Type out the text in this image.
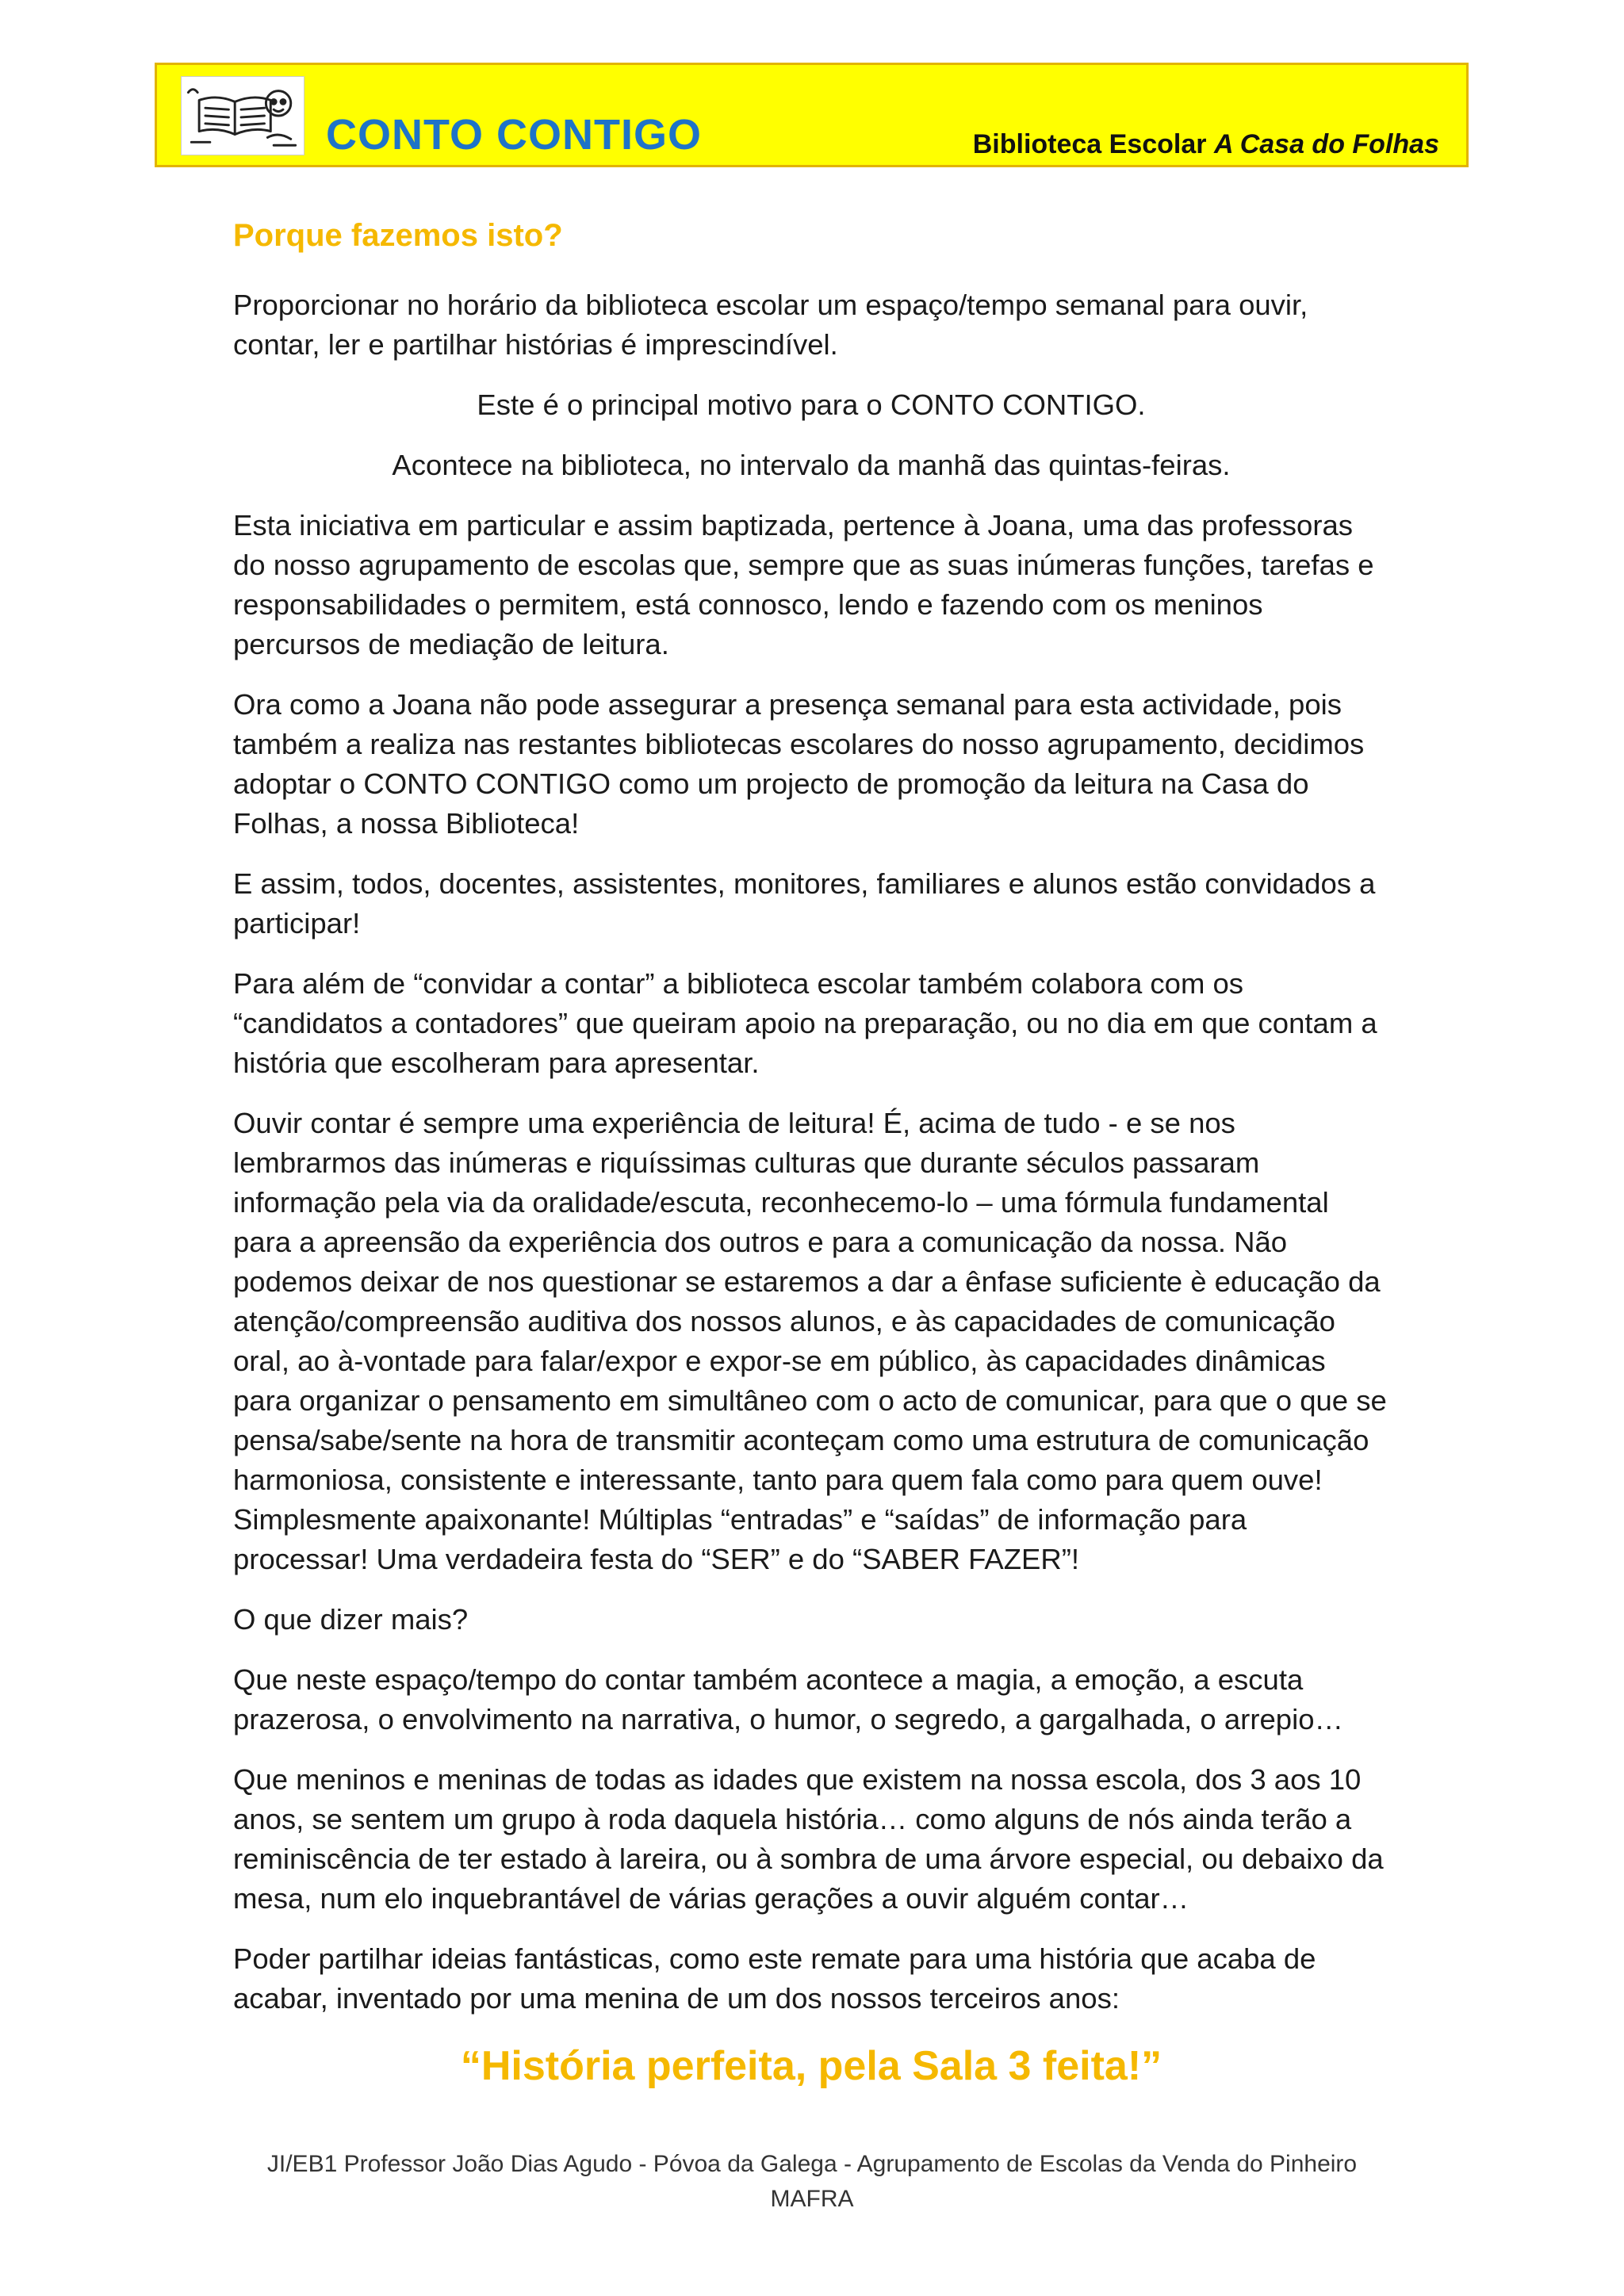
CONTO CONTIGO	Biblioteca Escolar A Casa do Folhas
Porque fazemos isto?

Proporcionar no horário da biblioteca escolar um espaço/tempo semanal para ouvir, contar, ler e partilhar histórias é imprescindível.

Este é o principal motivo para o CONTO CONTIGO.

Acontece na biblioteca, no intervalo da manhã das quintas-feiras.

Esta iniciativa em particular e assim baptizada, pertence à Joana, uma das professoras do nosso agrupamento de escolas que, sempre que as suas inúmeras funções, tarefas e responsabilidades o permitem, está connosco, lendo e fazendo com os meninos percursos de mediação de leitura.

Ora como a Joana não pode assegurar a presença semanal para esta actividade, pois também a realiza nas restantes bibliotecas escolares do nosso agrupamento, decidimos adoptar o CONTO CONTIGO como um projecto de promoção da leitura na Casa do Folhas, a nossa Biblioteca!

E assim, todos, docentes, assistentes, monitores, familiares e alunos estão convidados a participar!

Para além de “convidar a contar” a biblioteca escolar também colabora com os “candidatos a contadores” que queiram apoio na preparação, ou no dia em que contam a história que escolheram para apresentar.

Ouvir contar é sempre uma experiência de leitura! É, acima de tudo - e se nos lembrarmos das inúmeras e riquíssimas culturas que durante séculos passaram informação pela via da oralidade/escuta, reconhecemo-lo – uma fórmula fundamental para a apreensão da experiência dos outros e para a comunicação da nossa. Não podemos deixar de nos questionar se estaremos a dar a ênfase suficiente è educação da atenção/compreensão auditiva dos nossos alunos, e às capacidades de comunicação oral, ao à-vontade para falar/expor e expor-se em público, às capacidades dinâmicas para organizar o pensamento em simultâneo com o acto de comunicar, para que o que se pensa/sabe/sente na hora de transmitir aconteçam como uma estrutura de comunicação harmoniosa, consistente e interessante, tanto para quem fala como para quem ouve! Simplesmente apaixonante! Múltiplas “entradas” e “saídas” de informação para processar! Uma verdadeira festa do “SER” e do “SABER FAZER”!

O que dizer mais?

Que neste espaço/tempo do contar também acontece a magia, a emoção, a escuta prazerosa, o envolvimento na narrativa, o humor, o segredo, a gargalhada, o arrepio…

Que meninos e meninas de todas as idades que existem na nossa escola, dos 3 aos 10 anos, se sentem um grupo à roda daquela história… como alguns de nós ainda terão a reminiscência de ter estado à lareira, ou à sombra de uma árvore especial, ou debaixo da mesa, num elo inquebrantável de várias gerações a ouvir alguém contar…

Poder partilhar ideias fantásticas, como este remate para uma história que acaba de acabar, inventado por uma menina de um dos nossos terceiros anos:

“História perfeita, pela Sala 3 feita!”
JI/EB1 Professor João Dias Agudo - Póvoa da Galega - Agrupamento de Escolas da Venda do Pinheiro
MAFRA
